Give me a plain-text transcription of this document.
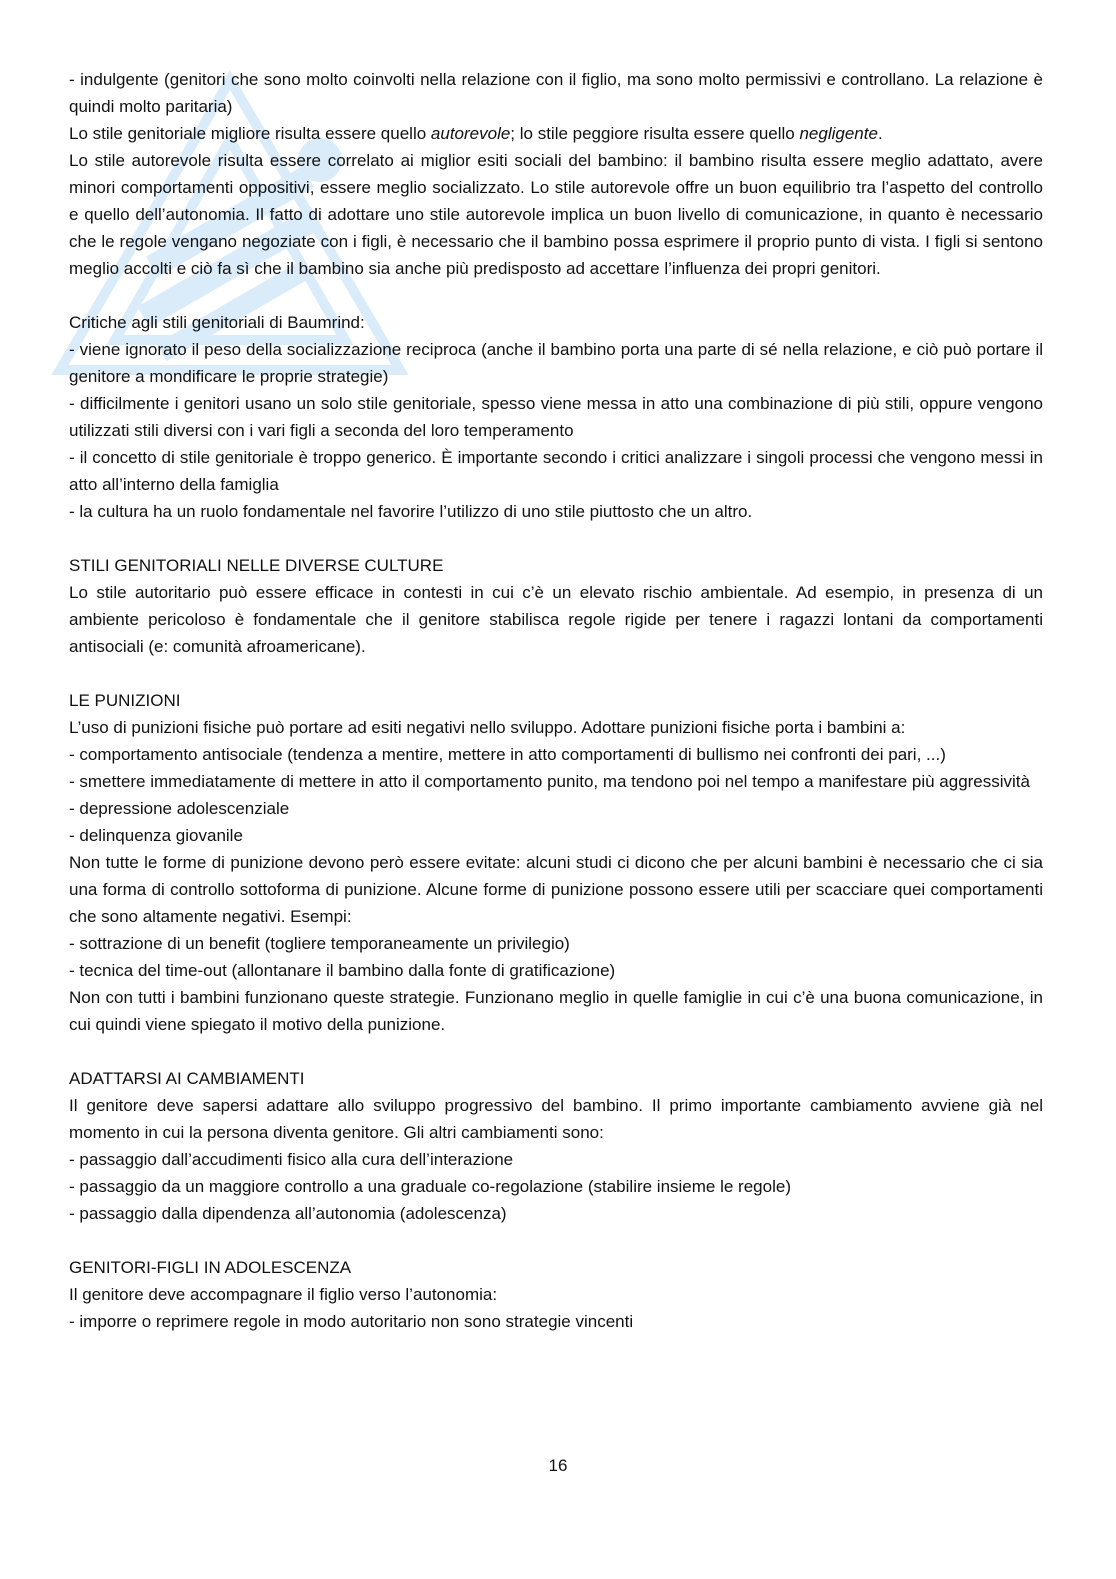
- indulgente (genitori che sono molto coinvolti nella relazione con il figlio, ma sono molto permissivi e controllano. La relazione è quindi molto paritaria)

Lo stile genitoriale migliore risulta essere quello autorevole; lo stile peggiore risulta essere quello negligente.

Lo stile autorevole risulta essere correlato ai miglior esiti sociali del bambino: il bambino risulta essere meglio adattato, avere minori comportamenti oppositivi, essere meglio socializzato. Lo stile autorevole offre un buon equilibrio tra l’aspetto del controllo e quello dell’autonomia. Il fatto di adottare uno stile autorevole implica un buon livello di comunicazione, in quanto è necessario che le regole vengano negoziate con i figli, è necessario che il bambino possa esprimere il proprio punto di vista. I figli si sentono meglio accolti e ciò fa sì che il bambino sia anche più predisposto ad accettare l’influenza dei propri genitori.

Critiche agli stili genitoriali di Baumrind:

- viene ignorato il peso della socializzazione reciproca (anche il bambino porta una parte di sé nella relazione, e ciò può portare il genitore a mondificare le proprie strategie)

- difficilmente i genitori usano un solo stile genitoriale, spesso viene messa in atto una combinazione di più stili, oppure vengono utilizzati stili diversi con i vari figli a seconda del loro temperamento

- il concetto di stile genitoriale è troppo generico. È importante secondo i critici analizzare i singoli processi che vengono messi in atto all’interno della famiglia

- la cultura ha un ruolo fondamentale nel favorire l’utilizzo di uno stile piuttosto che un altro.

STILI GENITORIALI NELLE DIVERSE CULTURE

Lo stile autoritario può essere efficace in contesti in cui c’è un elevato rischio ambientale. Ad esempio, in presenza di un ambiente pericoloso è fondamentale che il genitore stabilisca regole rigide per tenere i ragazzi lontani da comportamenti antisociali (e: comunità afroamericane).

LE PUNIZIONI

L’uso di punizioni fisiche può portare ad esiti negativi nello sviluppo. Adottare punizioni fisiche porta i bambini a:

- comportamento antisociale (tendenza a mentire, mettere in atto comportamenti di bullismo nei confronti dei pari, ...)

- smettere immediatamente di mettere in atto il comportamento punito, ma tendono poi nel tempo a manifestare più aggressività

- depressione adolescenziale

- delinquenza giovanile

Non tutte le forme di punizione devono però essere evitate: alcuni studi ci dicono che per alcuni bambini è necessario che ci sia una forma di controllo sottoforma di punizione. Alcune forme di punizione possono essere utili per scacciare quei comportamenti che sono altamente negativi. Esempi:

- sottrazione di un benefit (togliere temporaneamente un privilegio)

- tecnica del time-out (allontanare il bambino dalla fonte di gratificazione)

Non con tutti i bambini funzionano queste strategie. Funzionano meglio in quelle famiglie in cui c’è una buona comunicazione, in cui quindi viene spiegato il motivo della punizione.

ADATTARSI AI CAMBIAMENTI

Il genitore deve sapersi adattare allo sviluppo progressivo del bambino. Il primo importante cambiamento avviene già nel momento in cui la persona diventa genitore. Gli altri cambiamenti sono:

- passaggio dall’accudimenti fisico alla cura dell’interazione

- passaggio da un maggiore controllo a una graduale co-regolazione (stabilire insieme le regole)

- passaggio dalla dipendenza all’autonomia (adolescenza)

GENITORI-FIGLI IN ADOLESCENZA

Il genitore deve accompagnare il figlio verso l’autonomia:

- imporre o reprimere regole in modo autoritario non sono strategie vincenti

16
